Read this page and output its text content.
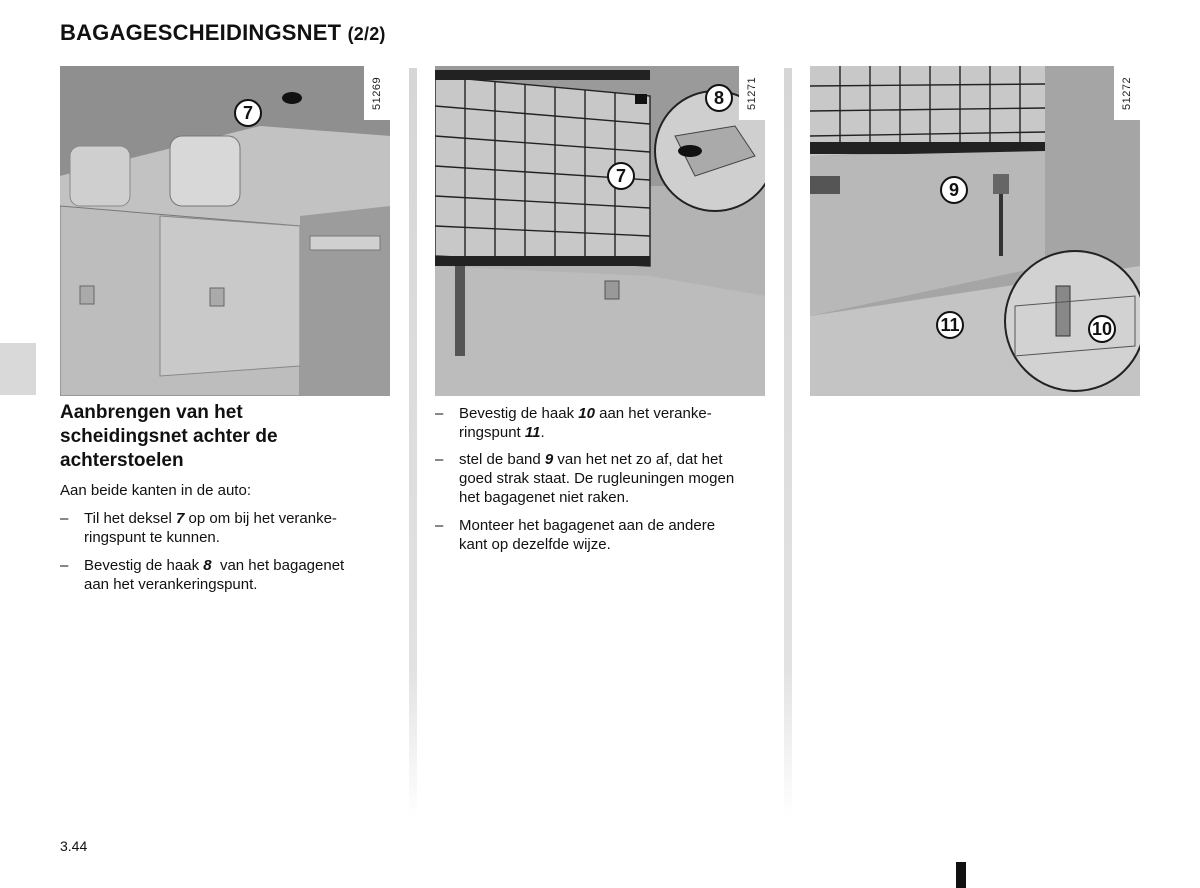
BAGAGESCHEIDINGSNET (2/2)
51269
7
51271
8
7
51272
9
11	10
Aanbrengen van het
scheidingsnet achter de
achterstoelen
Aan beide kanten in de auto:
– Til het deksel 7 op om bij het veranke-
ringspunt te kunnen.
– Bevestig de haak 8 van het bagagenet
aan het verankeringspunt.
– Bevestig de haak 10 aan het veranke-
ringspunt 11.
– stel de band 9 van het net zo af, dat het
goed strak staat. De rugleuningen mogen
het bagagenet niet raken.
– Monteer het bagagenet aan de andere
kant op dezelfde wijze.
3.44
